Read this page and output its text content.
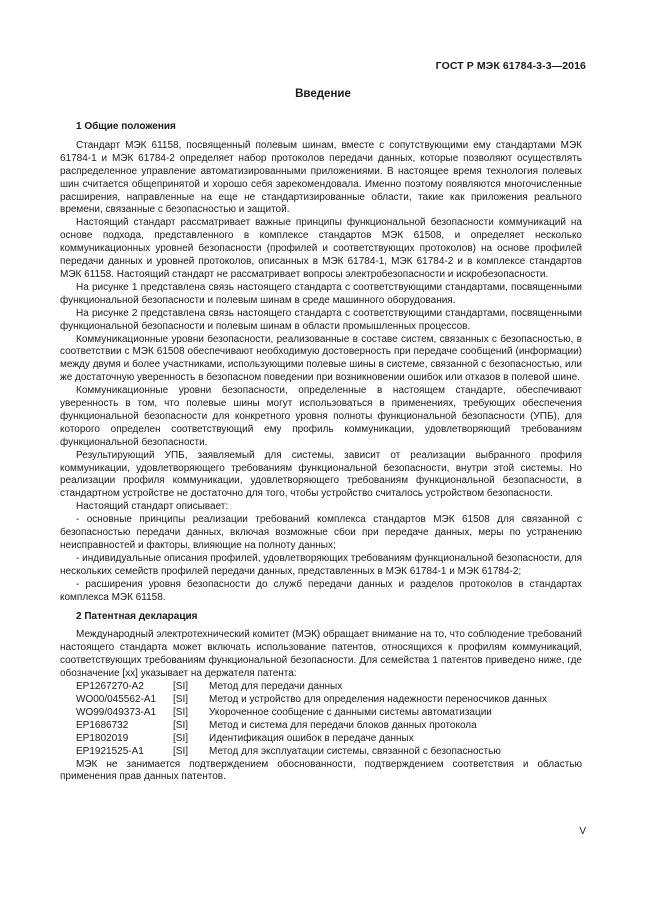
ГОСТ Р МЭК 61784-3-3—2016
Введение

1 Общие положения

Стандарт МЭК 61158, посвященный полевым шинам, вместе с сопутствующими ему стандартами МЭК 61784-1 и МЭК 61784-2 определяет набор протоколов передачи данных, которые позволяют осуществлять распределенное управление автоматизированными приложениями. В настоящее время технология полевых шин считается общепринятой и хорошо себя зарекомендовала. Именно поэтому появляются многочисленные расширения, направленные на еще не стандартизированные области, такие как приложения реального времени, связанные с безопасностью и защитой.

Настоящий стандарт рассматривает важные принципы функциональной безопасности коммуникаций на основе подхода, представленного в комплексе стандартов МЭК 61508, и определяет несколько коммуникационных уровней безопасности (профилей и соответствующих протоколов) на основе профилей передачи данных и уровней протоколов, описанных в МЭК 61784-1, МЭК 61784-2 и в комплексе стандартов МЭК 61158. Настоящий стандарт не рассматривает вопросы электробезопасности и искробезопасности.

На рисунке 1 представлена связь настоящего стандарта с соответствующими стандартами, посвященными функциональной безопасности и полевым шинам в среде машинного оборудования.

На рисунке 2 представлена связь настоящего стандарта с соответствующими стандартами, посвященными функциональной безопасности и полевым шинам в области промышленных процессов.

Коммуникационные уровни безопасности, реализованные в составе систем, связанных с безопасностью, в соответствии с МЭК 61508 обеспечивают необходимую достоверность при передаче сообщений (информации) между двумя и более участниками, использующими полевые шины в системе, связанной с безопасностью, или же достаточную уверенность в безопасном поведении при возникновении ошибок или отказов в полевой шине.

Коммуникационные уровни безопасности, определенные в настоящем стандарте, обеспечивают уверенность в том, что полевые шины могут использоваться в применениях, требующих обеспечения функциональной безопасности для конкретного уровня полноты функциональной безопасности (УПБ), для которого определен соответствующий ему профиль коммуникации, удовлетворяющий требованиям функциональной безопасности.

Результирующий УПБ, заявляемый для системы, зависит от реализации выбранного профиля коммуникации, удовлетворяющего требованиям функциональной безопасности, внутри этой системы. Но реализации профиля коммуникации, удовлетворяющего требованиям функциональной безопасности, в стандартном устройстве не достаточно для того, чтобы устройство считалось устройством безопасности.

Настоящий стандарт описывает:

- основные принципы реализации требований комплекса стандартов МЭК 61508 для связанной с безопасностью передачи данных, включая возможные сбои при передаче данных, меры по устранению неисправностей и факторы, влияющие на полноту данных;

- индивидуальные описания профилей, удовлетворяющих требованиям функциональной безопасности, для нескольких семейств профилей передачи данных, представленных в МЭК 61784-1 и МЭК 61784-2;

- расширения уровня безопасности до служб передачи данных и разделов протоколов в стандартах комплекса МЭК 61158.

2 Патентная декларация

Международный электротехнический комитет (МЭК) обращает внимание на то, что соблюдение требований настоящего стандарта может включать использование патентов, относящихся к профилям коммуникаций, соответствующих требованиям функциональной безопасности. Для семейства 1 патентов приведено ниже, где обозначение [xx] указывает на держателя патента:

EP1267270-A2	[SI]	Метод для передачи данных
WO00/045562-A1	[SI]	Метод и устройство для определения надежности переносчиков данных
WO99/049373-A1	[SI]	Укороченное сообщение с данными системы автоматизации
EP1686732	[SI]	Метод и система для передачи блоков данных протокола
EP1802019	[SI]	Идентификация ошибок в передаче данных
EP1921525-A1	[SI]	Метод для эксплуатации системы, связанной с безопасностью

МЭК не занимается подтверждением обоснованности, подтверждением соответствия и областью применения прав данных патентов.

V
